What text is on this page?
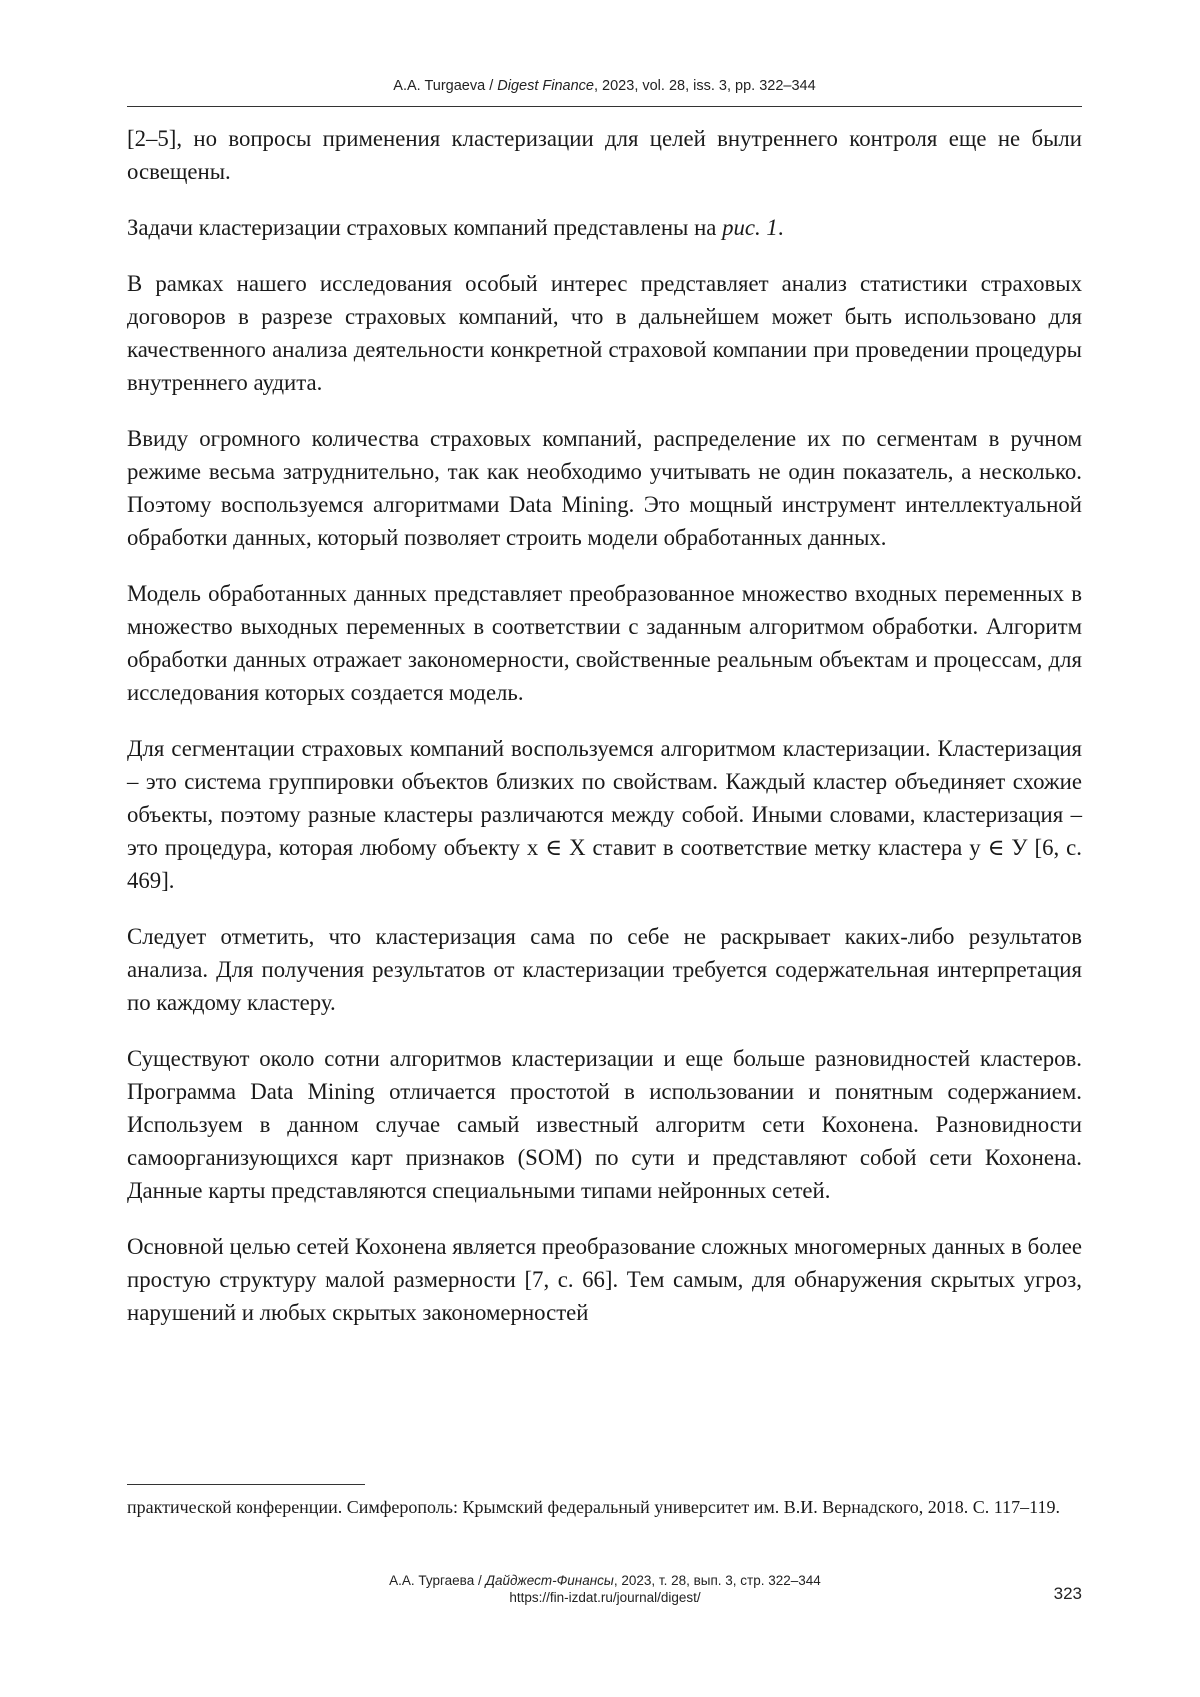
A.A. Turgaeva / Digest Finance, 2023, vol. 28, iss. 3, pp. 322–344

[2–5], но вопросы применения кластеризации для целей внутреннего контроля еще не были освещены.

Задачи кластеризации страховых компаний представлены на рис. 1.

В рамках нашего исследования особый интерес представляет анализ статистики страховых договоров в разрезе страховых компаний, что в дальнейшем может быть использовано для качественного анализа деятельности конкретной страховой компании при проведении процедуры внутреннего аудита.

Ввиду огромного количества страховых компаний, распределение их по сегментам в ручном режиме весьма затруднительно, так как необходимо учитывать не один показатель, а несколько. Поэтому воспользуемся алгоритмами Data Mining. Это мощный инструмент интеллектуальной обработки данных, который позволяет строить модели обработанных данных.

Модель обработанных данных представляет преобразованное множество входных переменных в множество выходных переменных в соответствии с заданным алгоритмом обработки. Алгоритм обработки данных отражает закономерности, свойственные реальным объектам и процессам, для исследования которых создается модель.

Для сегментации страховых компаний воспользуемся алгоритмом кластеризации. Кластеризация – это система группировки объектов близких по свойствам. Каждый кластер объединяет схожие объекты, поэтому разные кластеры различаются между собой. Иными словами, кластеризация – это процедура, которая любому объекту х ∈ Х ставит в соответствие метку кластера у ∈ У [6, с. 469].

Следует отметить, что кластеризация сама по себе не раскрывает каких-либо результатов анализа. Для получения результатов от кластеризации требуется содержательная интерпретация по каждому кластеру.

Существуют около сотни алгоритмов кластеризации и еще больше разновидностей кластеров. Программа Data Mining отличается простотой в использовании и понятным содержанием. Используем в данном случае самый известный алгоритм сети Кохонена. Разновидности самоорганизующихся карт признаков (SOM) по сути и представляют собой сети Кохонена. Данные карты представляются специальными типами нейронных сетей.

Основной целью сетей Кохонена является преобразование сложных многомерных данных в более простую структуру малой размерности [7, с. 66]. Тем самым, для обнаружения скрытых угроз, нарушений и любых скрытых закономерностей

практической конференции. Симферополь: Крымский федеральный университет им. В.И. Вернадского, 2018. С. 117–119.

А.А. Тургаева / Дайджест-Финансы, 2023, т. 28, вып. 3, стр. 322–344
https://fin-izdat.ru/journal/digest/	323
